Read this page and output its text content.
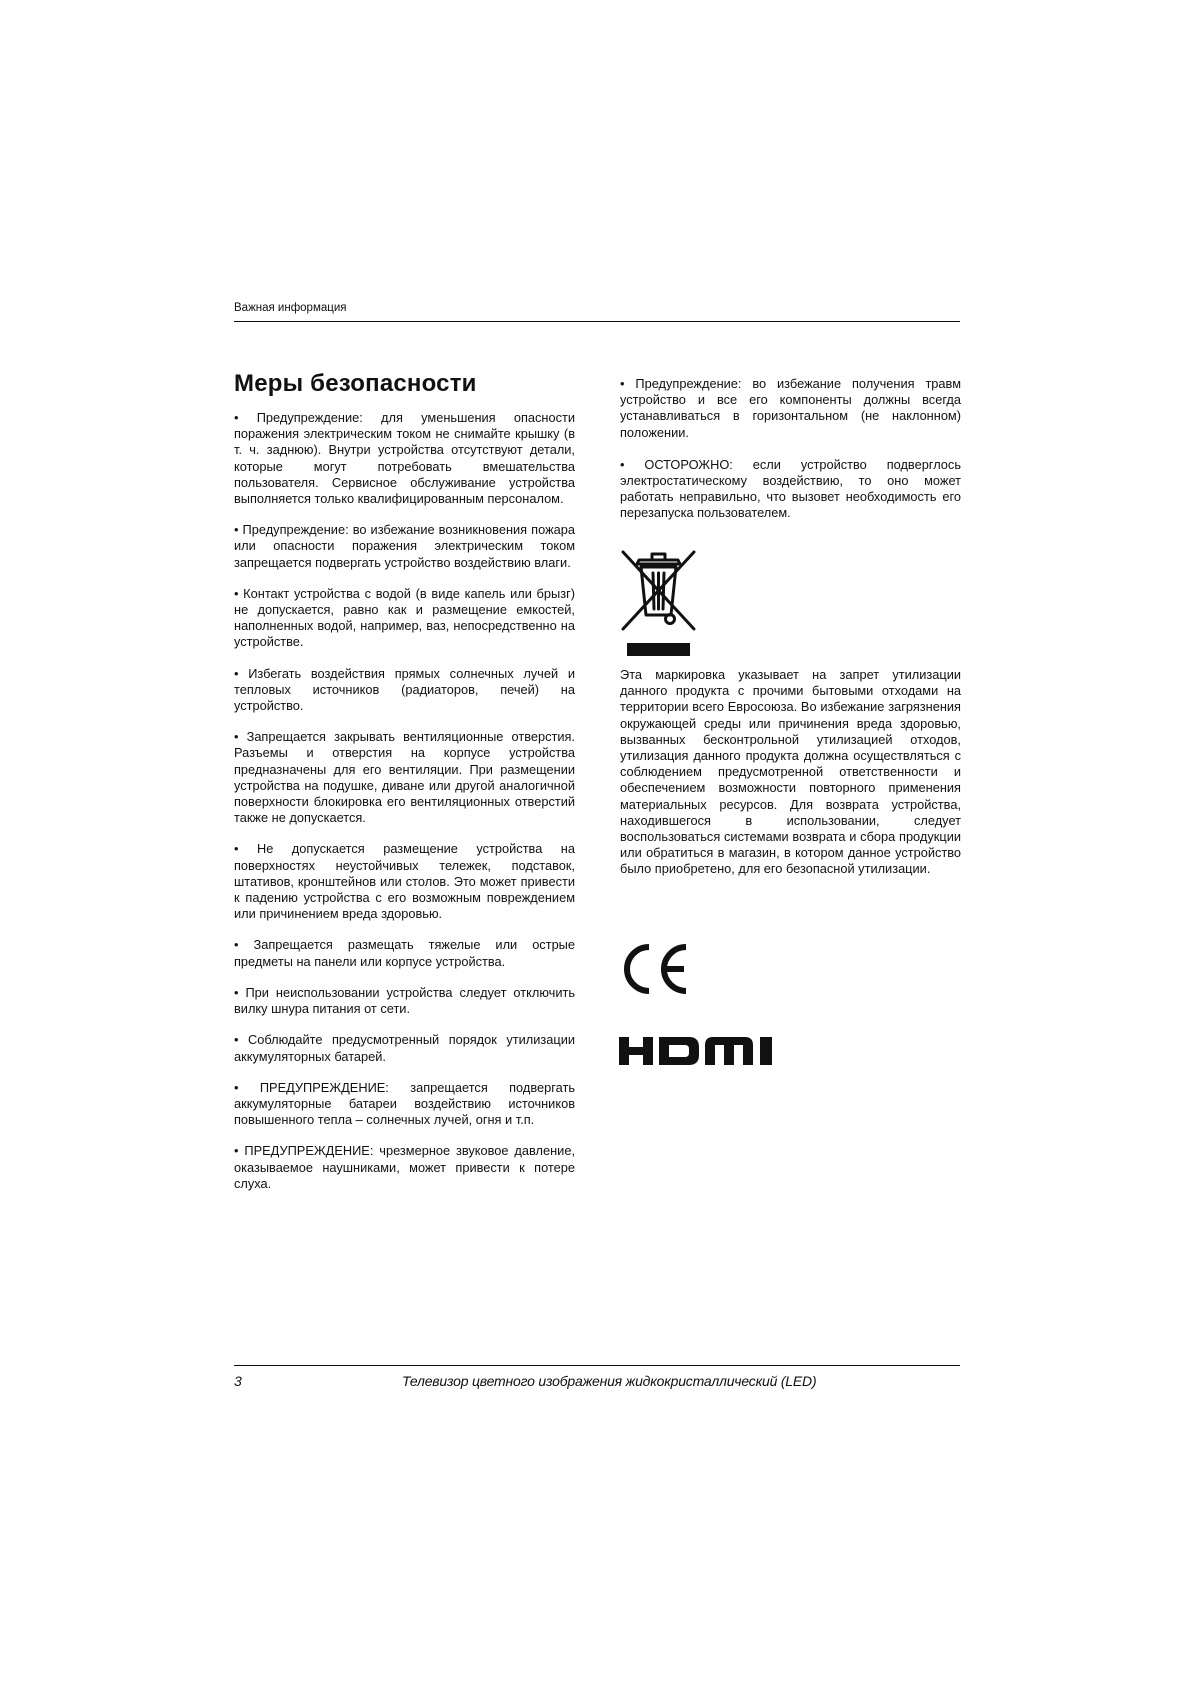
Важная информация
Меры безопасности

• Предупреждение: для уменьшения опасности поражения электрическим током не снимайте крышку (в т. ч. заднюю). Внутри устройства отсутствуют детали, которые могут потребовать вмешательства пользователя. Сервисное обслуживание устройства выполняется только квалифицированным персоналом.

• Предупреждение: во избежание возникновения пожара или опасности поражения электрическим током запрещается подвергать устройство воздействию влаги.

• Контакт устройства с водой (в виде капель или брызг) не допускается, равно как и размещение емкостей, наполненных водой, например, ваз, непосредственно на устройстве.

• Избегать воздействия прямых солнечных лучей и тепловых источников (радиаторов, печей) на устройство.

• Запрещается закрывать вентиляционные отверстия. Разъемы и отверстия на корпусе устройства предназначены для его вентиляции. При размещении устройства на подушке, диване или другой аналогичной поверхности блокировка его вентиляционных отверстий также не допускается.

• Не допускается размещение устройства на поверхностях неустойчивых тележек, подставок, штативов, кронштейнов или столов. Это может привести к падению устройства с его возможным повреждением или причинением вреда здоровью.

• Запрещается размещать тяжелые или острые предметы на панели или корпусе устройства.

• При неиспользовании устройства следует отключить вилку шнура питания от сети.

• Соблюдайте предусмотренный порядок утилизации аккумуляторных батарей.

• ПРЕДУПРЕЖДЕНИЕ: запрещается подвергать аккумуляторные батареи воздействию источников повышенного тепла – солнечных лучей, огня и т.п.

• ПРЕДУПРЕЖДЕНИЕ: чрезмерное звуковое давление, оказываемое наушниками, может привести к потере слуха.

• Предупреждение: во избежание получения травм устройство и все его компоненты должны всегда устанавливаться в горизонтальном (не наклонном) положении.

• ОСТОРОЖНО: если устройство подверглось электростатическому воздействию, то оно может работать неправильно, что вызовет необходимость его перезапуска пользователем.

Эта маркировка указывает на запрет утилизации данного продукта с прочими бытовыми отходами на территории всего Евросоюза. Во избежание загрязнения окружающей среды или причинения вреда здоровью, вызванных бесконтрольной утилизацией отходов, утилизация данного продукта должна осуществляться с соблюдением предусмотренной ответственности и обеспечением возможности повторного применения материальных ресурсов. Для возврата устройства, находившегося в использовании, следует воспользоваться системами возврата и сбора продукции или обратиться в магазин, в котором данное устройство было приобретено, для его безопасной утилизации.

3	Телевизор цветного изображения жидкокристаллический (LED)
